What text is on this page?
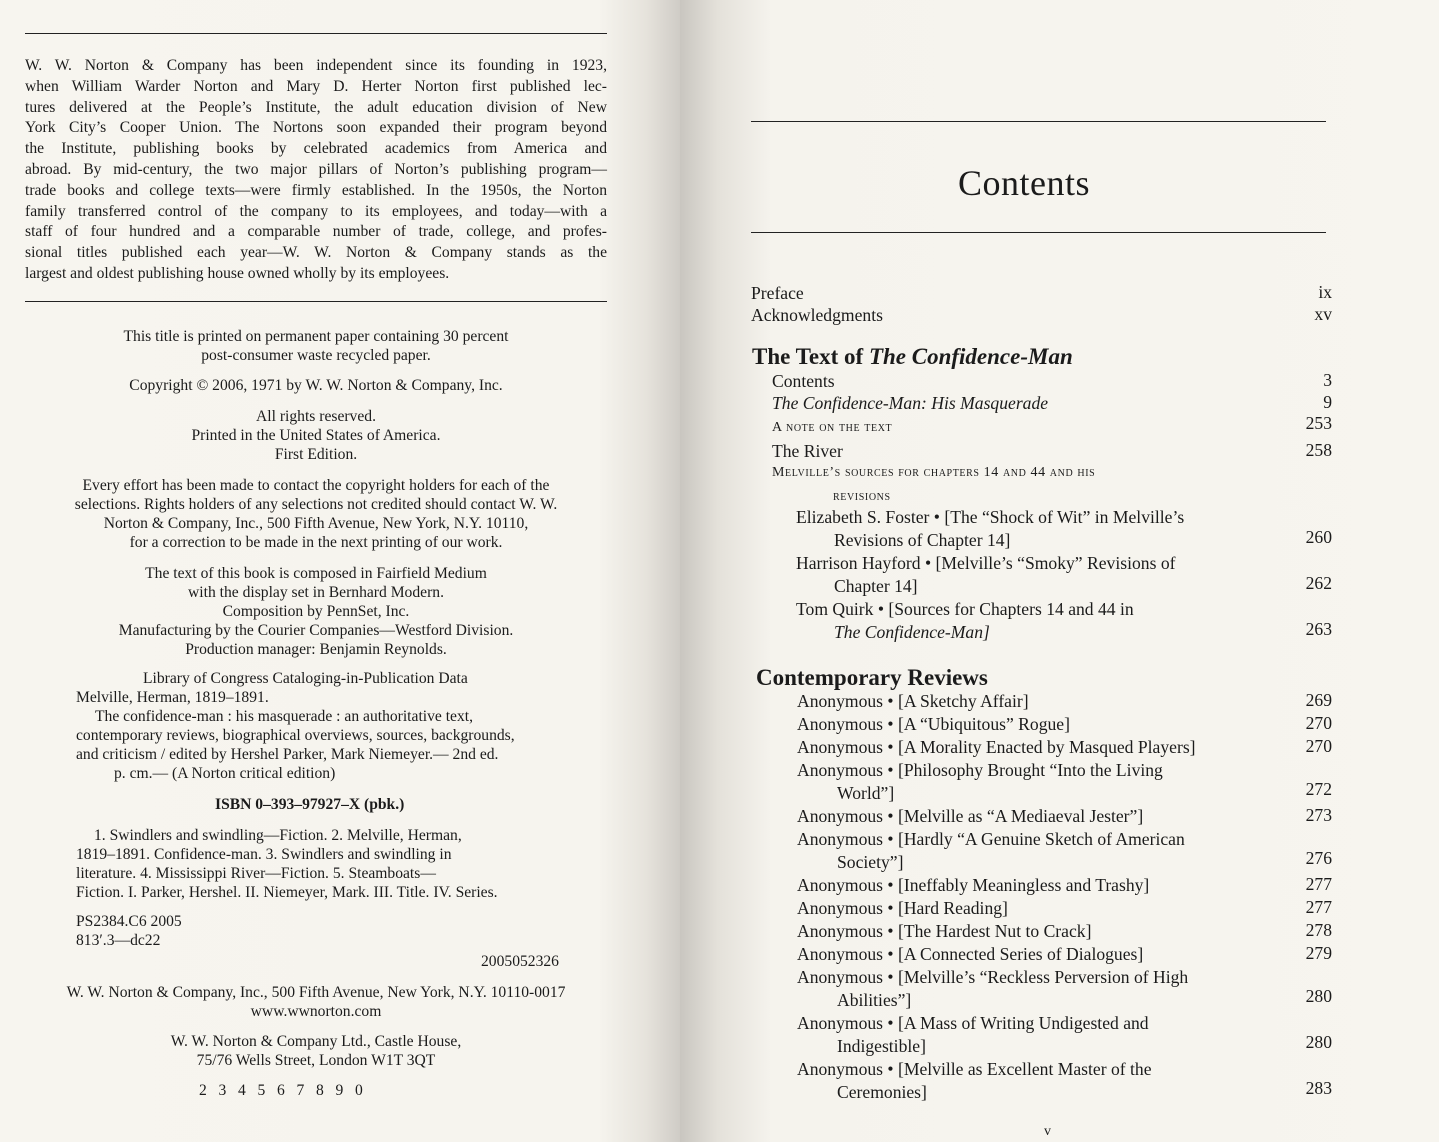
W. W. Norton & Company has been independent since its founding in 1923,
when William Warder Norton and Mary D. Herter Norton first published lec-
tures delivered at the People’s Institute, the adult education division of New
York City’s Cooper Union. The Nortons soon expanded their program beyond
the Institute, publishing books by celebrated academics from America and
abroad. By mid-century, the two major pillars of Norton’s publishing program—
trade books and college texts—were firmly established. In the 1950s, the Norton
family transferred control of the company to its employees, and today—with a
staff of four hundred and a comparable number of trade, college, and profes-
sional titles published each year—W. W. Norton & Company stands as the
largest and oldest publishing house owned wholly by its employees.
This title is printed on permanent paper containing 30 percent
post-consumer waste recycled paper.
Copyright © 2006, 1971 by W. W. Norton & Company, Inc.
All rights reserved.
Printed in the United States of America.
First Edition.
Every effort has been made to contact the copyright holders for each of the
selections. Rights holders of any selections not credited should contact W. W.
Norton & Company, Inc., 500 Fifth Avenue, New York, N.Y. 10110,
for a correction to be made in the next printing of our work.
The text of this book is composed in Fairfield Medium
with the display set in Bernhard Modern.
Composition by PennSet, Inc.
Manufacturing by the Courier Companies—Westford Division.
Production manager: Benjamin Reynolds.
Library of Congress Cataloging-in-Publication Data
Melville, Herman, 1819–1891.
The confidence-man : his masquerade : an authoritative text,
contemporary reviews, biographical overviews, sources, backgrounds,
and criticism / edited by Hershel Parker, Mark Niemeyer.— 2nd ed.
p. cm.— (A Norton critical edition)
ISBN 0–393–97927–X (pbk.)
1. Swindlers and swindling—Fiction. 2. Melville, Herman,
1819–1891. Confidence-man. 3. Swindlers and swindling in
literature. 4. Mississippi River—Fiction. 5. Steamboats—
Fiction. I. Parker, Hershel. II. Niemeyer, Mark. III. Title. IV. Series.
PS2384.C6 2005
813′.3—dc22
2005052326
W. W. Norton & Company, Inc., 500 Fifth Avenue, New York, N.Y. 10110-0017
www.wwnorton.com
W. W. Norton & Company Ltd., Castle House,
75/76 Wells Street, London W1T 3QT
2   3   4   5   6   7   8   9   0
Contents
Preface	ix
Acknowledgments	xv
The Text of The Confidence-Man
Contents	3
The Confidence-Man: His Masquerade	9
A note on the text	253
The River	258
Melville’s sources for chapters 14 and 44 and his
revisions
Elizabeth S. Foster • [The “Shock of Wit” in Melville’s
Revisions of Chapter 14]	260
Harrison Hayford • [Melville’s “Smoky” Revisions of
Chapter 14]	262
Tom Quirk • [Sources for Chapters 14 and 44 in
The Confidence-Man]	263
Contemporary Reviews
Anonymous • [A Sketchy Affair]	269
Anonymous • [A “Ubiquitous” Rogue]	270
Anonymous • [A Morality Enacted by Masqued Players]	270
Anonymous • [Philosophy Brought “Into the Living
World”]	272
Anonymous • [Melville as “A Mediaeval Jester”]	273
Anonymous • [Hardly “A Genuine Sketch of American
Society”]	276
Anonymous • [Ineffably Meaningless and Trashy]	277
Anonymous • [Hard Reading]	277
Anonymous • [The Hardest Nut to Crack]	278
Anonymous • [A Connected Series of Dialogues]	279
Anonymous • [Melville’s “Reckless Perversion of High
Abilities”]	280
Anonymous • [A Mass of Writing Undigested and
Indigestible]	280
Anonymous • [Melville as Excellent Master of the
Ceremonies]	283
v
